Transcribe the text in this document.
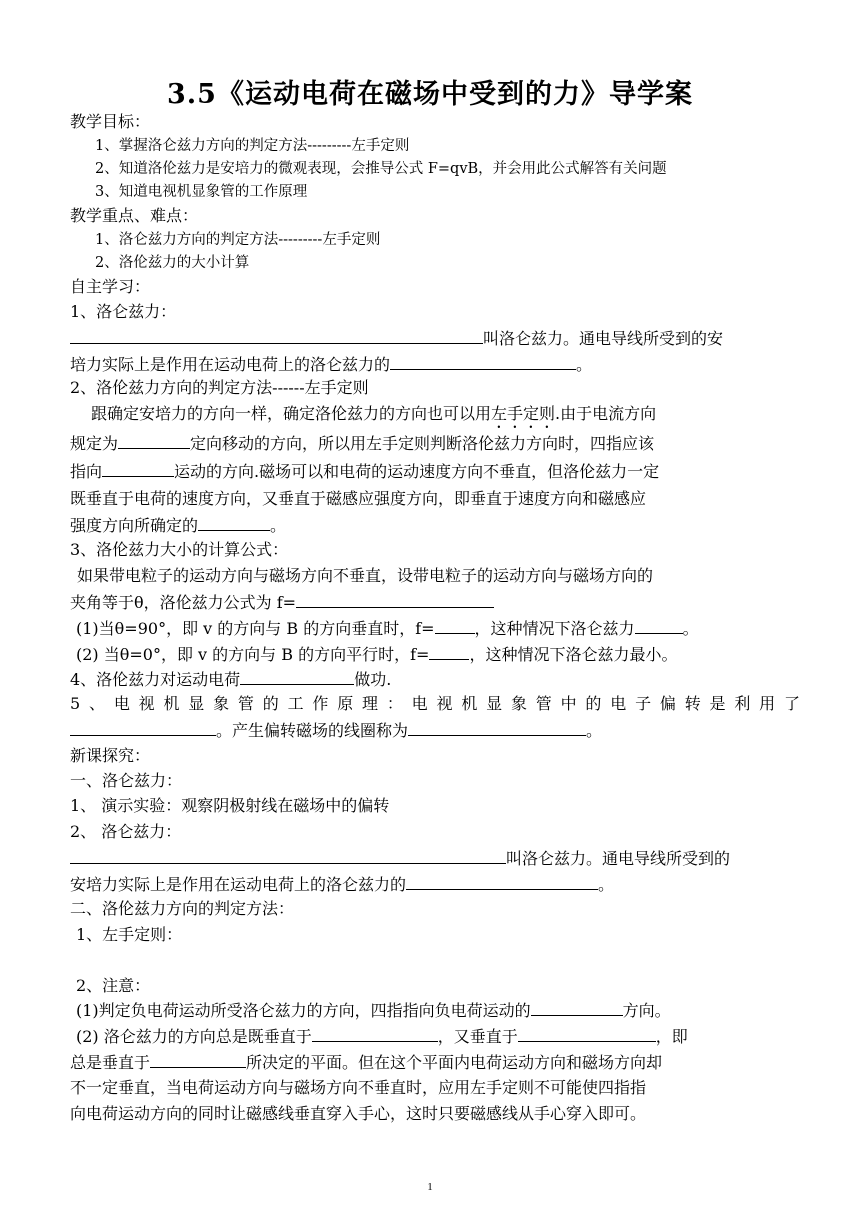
3.5《运动电荷在磁场中受到的力》导学案
教学目标：
1、掌握洛仑兹力方向的判定方法---------左手定则
2、知道洛伦兹力是安培力的微观表现，会推导公式 F=qvB，并会用此公式解答有关问题
3、知道电视机显象管的工作原理
教学重点、难点：
1、洛仑兹力方向的判定方法---------左手定则
2、洛伦兹力的大小计算
自主学习：
1、洛仑兹力：
叫洛仑兹力。通电导线所受到的安
培力实际上是作用在运动电荷上的洛仑兹力的	。
2、洛伦兹力方向的判定方法------左手定则
跟确定安培力的方向一样，确定洛伦兹力的方向也可以用左手定则.由于电流方向
规定为	定向移动的方向，所以用左手定则判断洛伦兹力方向时，四指应该
指向	运动的方向.磁场可以和电荷的运动速度方向不垂直，但洛伦兹力一定
既垂直于电荷的速度方向，又垂直于磁感应强度方向，即垂直于速度方向和磁感应
强度方向所确定的	。
3、洛伦兹力大小的计算公式：
如果带电粒子的运动方向与磁场方向不垂直，设带电粒子的运动方向与磁场方向的
夹角等于θ，洛伦兹力公式为 f=
(1)当θ=90°，即 v 的方向与 B 的方向垂直时，f=	，这种情况下洛仑兹力	。
(2) 当θ=0°，即 v 的方向与 B 的方向平行时，f=	，这种情况下洛仑兹力最小。
4、洛伦兹力对运动电荷	做功.
5、电视机显象管的工作原理：电视机显象管中的电子偏转是利用了
。产生偏转磁场的线圈称为	。
新课探究：
一、洛仑兹力：
1、 演示实验：观察阴极射线在磁场中的偏转
2、 洛仑兹力：
叫洛仑兹力。通电导线所受到的
安培力实际上是作用在运动电荷上的洛仑兹力的	。
二、洛伦兹力方向的判定方法：
1、左手定则：
2、注意：
(1)判定负电荷运动所受洛仑兹力的方向，四指指向负电荷运动的	方向。
(2) 洛仑兹力的方向总是既垂直于	，又垂直于	，即
总是垂直于	所决定的平面。但在这个平面内电荷运动方向和磁场方向却
不一定垂直，当电荷运动方向与磁场方向不垂直时，应用左手定则不可能使四指指
向电荷运动方向的同时让磁感线垂直穿入手心，这时只要磁感线从手心穿入即可。
1
